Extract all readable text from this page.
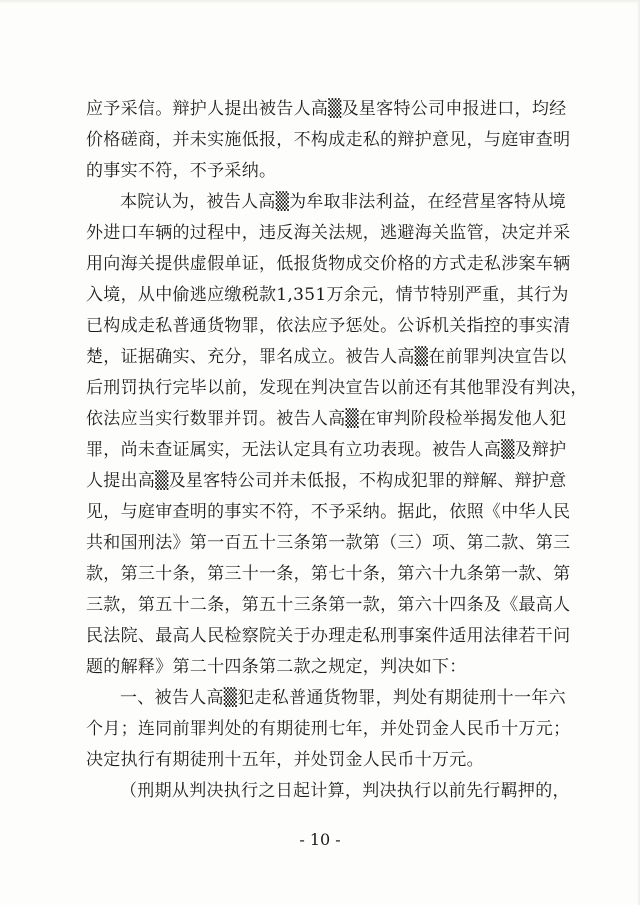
应予采信。辩护人提出被告人高▒及星客特公司申报进口，均经
价格磋商，并未实施低报，不构成走私的辩护意见，与庭审查明
的事实不符，不予采纳。
本院认为，被告人高▒为牟取非法利益，在经营星客特从境
外进口车辆的过程中，违反海关法规，逃避海关监管，决定并采
用向海关提供虚假单证，低报货物成交价格的方式走私涉案车辆
入境，从中偷逃应缴税款1,351万余元，情节特别严重，其行为
已构成走私普通货物罪，依法应予惩处。公诉机关指控的事实清
楚，证据确实、充分，罪名成立。被告人高▒在前罪判决宣告以
后刑罚执行完毕以前，发现在判决宣告以前还有其他罪没有判决，
依法应当实行数罪并罚。被告人高▒在审判阶段检举揭发他人犯
罪，尚未查证属实，无法认定具有立功表现。被告人高▒及辩护
人提出高▒及星客特公司并未低报，不构成犯罪的辩解、辩护意
见，与庭审查明的事实不符，不予采纳。据此，依照《中华人民
共和国刑法》第一百五十三条第一款第（三）项、第二款、第三
款，第三十条，第三十一条，第七十条，第六十九条第一款、第
三款，第五十二条，第五十三条第一款，第六十四条及《最高人
民法院、最高人民检察院关于办理走私刑事案件适用法律若干问
题的解释》第二十四条第二款之规定，判决如下：
一、被告人高▒犯走私普通货物罪，判处有期徒刑十一年六
个月；连同前罪判处的有期徒刑七年，并处罚金人民币十万元；
决定执行有期徒刑十五年，并处罚金人民币十万元。
（刑期从判决执行之日起计算，判决执行以前先行羁押的，
- 10 -
